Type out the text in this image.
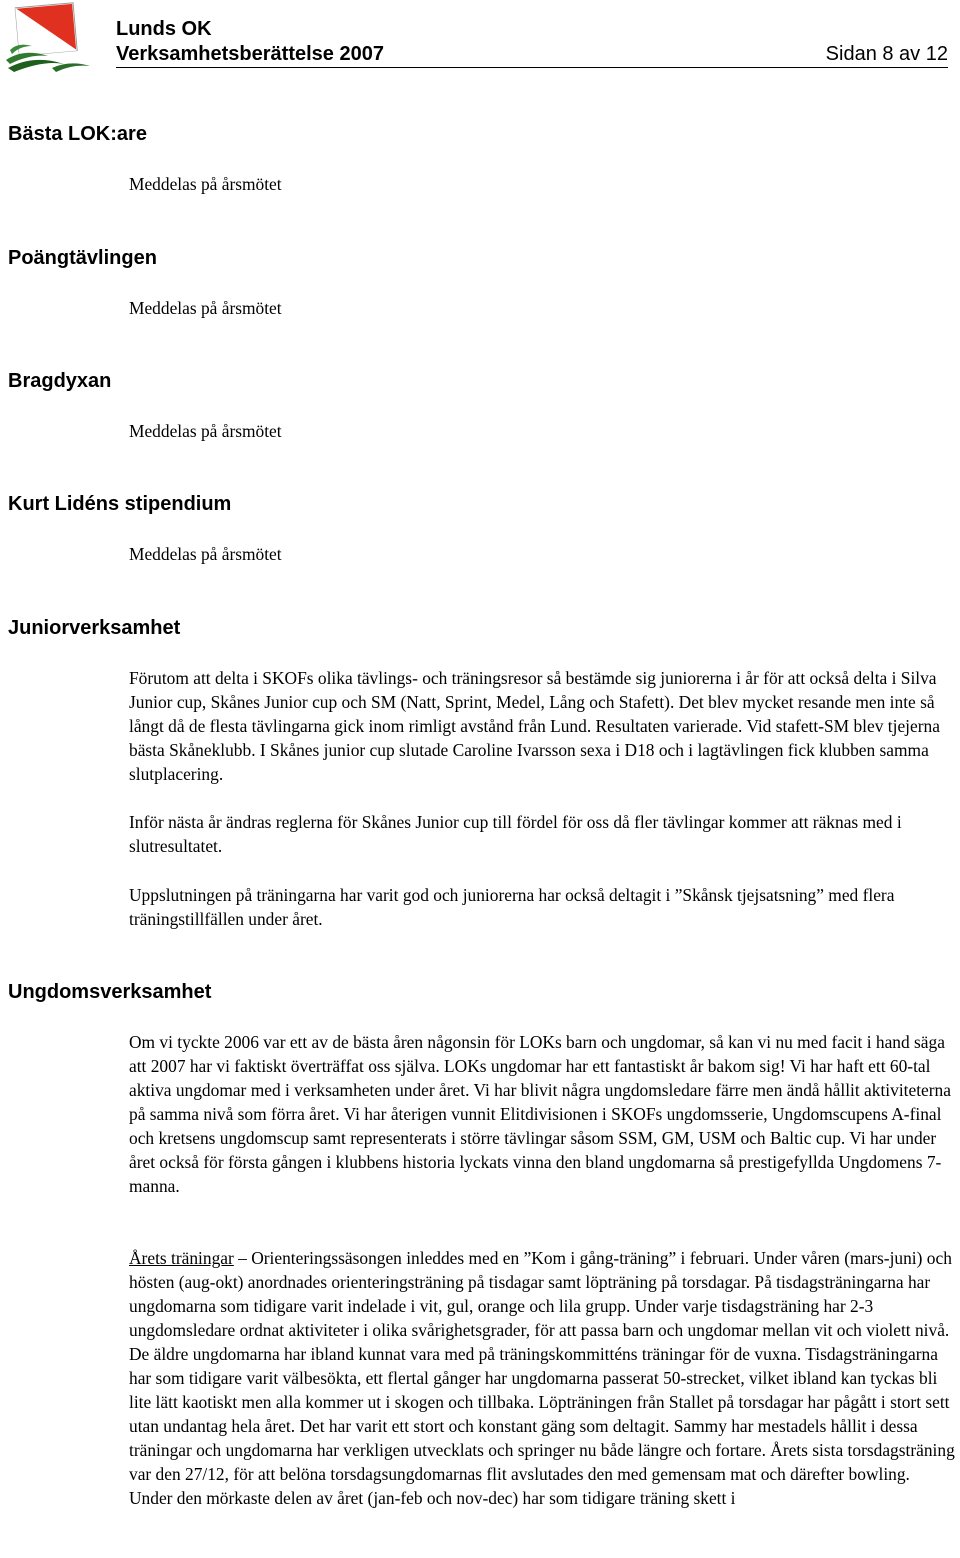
OK
Lunds OK
Verksamhetsberättelse 2007	Sidan 8 av 12
Bästa LOK:are

Meddelas på årsmötet

Poängtävlingen

Meddelas på årsmötet

Bragdyxan

Meddelas på årsmötet

Kurt Lidéns stipendium

Meddelas på årsmötet

Juniorverksamhet

Förutom att delta i SKOFs olika tävlings- och träningsresor så bestämde sig juniorerna i år för att också delta i Silva Junior cup, Skånes Junior cup och SM (Natt, Sprint, Medel, Lång och Stafett). Det blev mycket resande men inte så långt då de flesta tävlingarna gick inom rimligt avstånd från Lund. Resultaten varierade. Vid stafett-SM blev tjejerna bästa Skåneklubb. I Skånes junior cup slutade Caroline Ivarsson sexa i D18 och i lagtävlingen fick klubben samma slutplacering.

Inför nästa år ändras reglerna för Skånes Junior cup till fördel för oss då fler tävlingar kommer att räknas med i slutresultatet.

Uppslutningen på träningarna har varit god och juniorerna har också deltagit i ”Skånsk tjejsatsning” med flera träningstillfällen under året.

Ungdomsverksamhet

Om vi tyckte 2006 var ett av de bästa åren någonsin för LOKs barn och ungdomar, så kan vi nu med facit i hand säga att 2007 har vi faktiskt överträffat oss själva. LOKs ungdomar har ett fantastiskt år bakom sig! Vi har haft ett 60-tal aktiva ungdomar med i verksamheten under året. Vi har blivit några ungdomsledare färre men ändå hållit aktiviteterna på samma nivå som förra året. Vi har återigen vunnit Elitdivisionen i SKOFs ungdomsserie, Ungdomscupens A-final och kretsens ungdomscup samt representerats i större tävlingar såsom SSM, GM, USM och Baltic cup. Vi har under året också för första gången i klubbens historia lyckats vinna den bland ungdomarna så prestigefyllda Ungdomens 7-manna.

Årets träningar – Orienteringssäsongen inleddes med en ”Kom i gång-träning” i februari. Under våren (mars-juni) och hösten (aug-okt) anordnades orienteringsträning på tisdagar samt löpträning på torsdagar. På tisdagsträningarna har ungdomarna som tidigare varit indelade i vit, gul, orange och lila grupp. Under varje tisdagsträning har 2-3 ungdomsledare ordnat aktiviteter i olika svårighetsgrader, för att passa barn och ungdomar mellan vit och violett nivå. De äldre ungdomarna har ibland kunnat vara med på träningskommitténs träningar för de vuxna. Tisdagsträningarna har som tidigare varit välbesökta, ett flertal gånger har ungdomarna passerat 50-strecket, vilket ibland kan tyckas bli lite lätt kaotiskt men alla kommer ut i skogen och tillbaka. Löpträningen från Stallet på torsdagar har pågått i stort sett utan undantag hela året. Det har varit ett stort och konstant gäng som deltagit. Sammy har mestadels hållit i dessa träningar och ungdomarna har verkligen utvecklats och springer nu både längre och fortare. Årets sista torsdagsträning var den 27/12, för att belöna torsdagsungdomarnas flit avslutades den med gemensam mat och därefter bowling. Under den mörkaste delen av året (jan-feb och nov-dec) har som tidigare träning skett i
